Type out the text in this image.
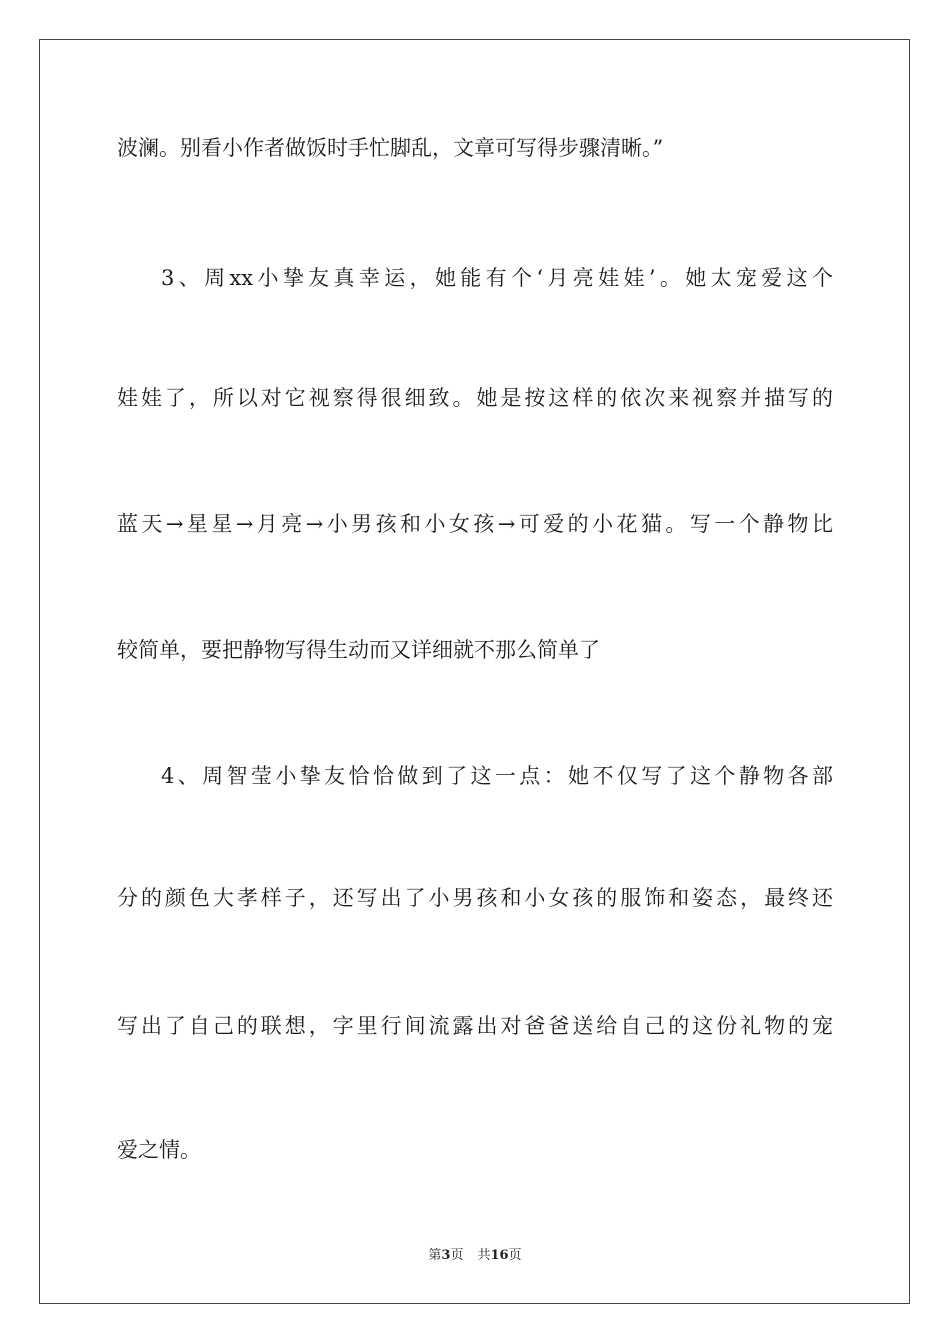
波澜。别看小作者做饭时手忙脚乱，文章可写得步骤清晰。”
3、周xx小挚友真幸运，她能有个‘月亮娃娃’。她太宠爱这个
娃娃了，所以对它视察得很细致。她是按这样的依次来视察并描写的
蓝天→星星→月亮→小男孩和小女孩→可爱的小花猫。写一个静物比
较简单，要把静物写得生动而又详细就不那么简单了
4、周智莹小挚友恰恰做到了这一点：她不仅写了这个静物各部
分的颜色大孝样子，还写出了小男孩和小女孩的服饰和姿态，最终还
写出了自己的联想，字里行间流露出对爸爸送给自己的这份礼物的宠
爱之情。
第3页 共16页
